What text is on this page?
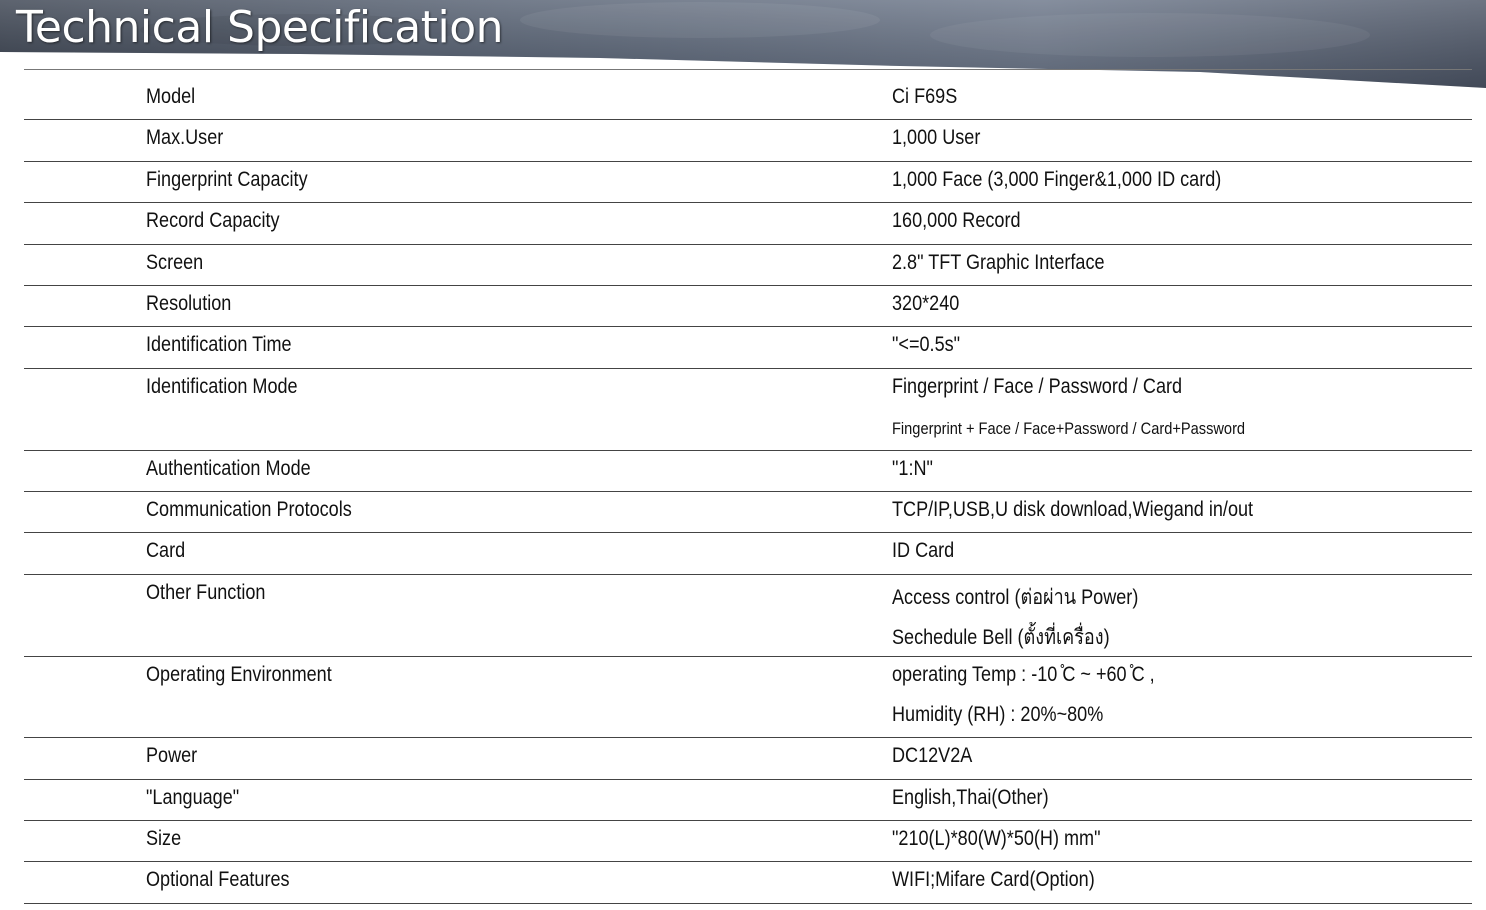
Technical Specification
Model	Ci F69S
Max.User	1,000 User
Fingerprint Capacity	1,000 Face (3,000 Finger&1,000 ID card)
Record Capacity	160,000 Record
Screen	2.8" TFT Graphic Interface
Resolution	320*240
Identification Time	"<=0.5s"
Identification Mode	Fingerprint / Face / Password / Card
Fingerprint + Face / Face+Password / Card+Password
Authentication Mode	"1:N"
Communication Protocols	TCP/IP,USB,U disk download,Wiegand in/out
Card	ID Card
Other Function	Access control (ต่อผ่าน Power)
Sechedule Bell (ตั้งที่เครื่อง)
Operating Environment	operating Temp : -10 ̊C ~ +60 ̊C ,
Humidity (RH) : 20%~80%
Power	DC12V2A
"Language"	English,Thai(Other)
Size	"210(L)*80(W)*50(H) mm"
Optional Features	WIFI;Mifare Card(Option)
